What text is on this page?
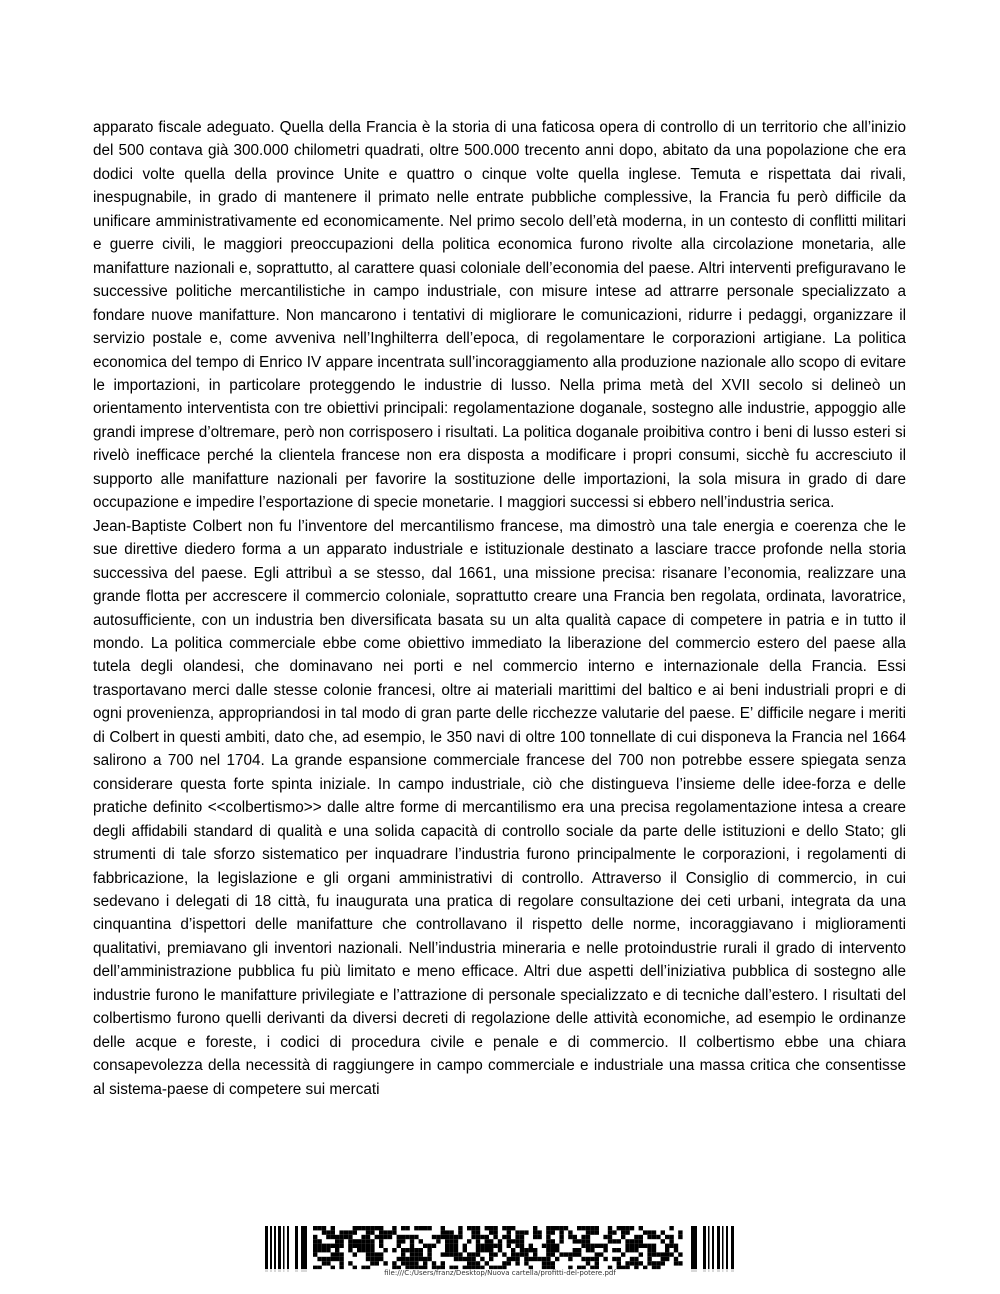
apparato fiscale adeguato. Quella della Francia è la storia di una faticosa opera di controllo di un territorio che all’inizio del 500 contava già 300.000 chilometri quadrati, oltre 500.000 trecento anni dopo, abitato da una popolazione che era dodici volte quella della province Unite e quattro o cinque volte quella inglese. Temuta e rispettata dai rivali, inespugnabile, in grado di mantenere il primato nelle entrate pubbliche complessive, la Francia fu però difficile da unificare amministrativamente ed economicamente. Nel primo secolo dell’età moderna, in un contesto di conflitti militari e guerre civili, le maggiori preoccupazioni della politica economica furono rivolte alla circolazione monetaria, alle manifatture nazionali e, soprattutto, al carattere quasi coloniale dell’economia del paese. Altri interventi prefiguravano le successive politiche mercantilistiche in campo industriale, con misure intese ad attrarre personale specializzato a fondare nuove manifatture. Non mancarono i tentativi di migliorare le comunicazioni, ridurre i pedaggi, organizzare il servizio postale e, come avveniva nell’Inghilterra dell’epoca, di regolamentare le corporazioni artigiane. La politica economica del tempo di Enrico IV appare incentrata sull’incoraggiamento alla produzione nazionale allo scopo di evitare le importazioni, in particolare proteggendo le industrie di lusso. Nella prima metà del XVII secolo si delineò un orientamento interventista con tre obiettivi principali: regolamentazione doganale, sostegno alle industrie, appoggio alle grandi imprese d’oltremare, però non corrisposero i risultati. La politica doganale proibitiva contro i beni di lusso esteri si rivelò inefficace perché la clientela francese non era disposta a modificare i propri consumi, sicchè fu accresciuto il supporto alle manifatture nazionali per favorire la sostituzione delle importazioni, la sola misura in grado di dare occupazione e impedire l’esportazione di specie monetarie. I maggiori successi si ebbero nell’industria serica.

Jean-Baptiste Colbert non fu l’inventore del mercantilismo francese, ma dimostrò una tale energia e coerenza che le sue direttive diedero forma a un apparato industriale e istituzionale destinato a lasciare tracce profonde nella storia successiva del paese. Egli attribuì a se stesso, dal 1661, una missione precisa: risanare l’economia, realizzare una grande flotta per accrescere il commercio coloniale, soprattutto creare una Francia ben regolata, ordinata, lavoratrice, autosufficiente, con un industria ben diversificata basata su un alta qualità capace di competere in patria e in tutto il mondo. La politica commerciale ebbe come obiettivo immediato la liberazione del commercio estero del paese alla tutela degli olandesi, che dominavano nei porti e nel commercio interno e internazionale della Francia. Essi trasportavano merci dalle stesse colonie francesi, oltre ai materiali marittimi del baltico e ai beni industriali propri e di ogni provenienza, appropriandosi in tal modo di gran parte delle ricchezze valutarie del paese. E’ difficile negare i meriti di Colbert in questi ambiti, dato che, ad esempio, le 350 navi di oltre 100 tonnellate di cui disponeva la Francia nel 1664 salirono a 700 nel 1704. La grande espansione commerciale francese del 700 non potrebbe essere spiegata senza considerare questa forte spinta iniziale. In campo industriale, ciò che distingueva l’insieme delle idee-forza e delle pratiche definito <<colbertismo>> dalle altre forme di mercantilismo era una precisa regolamentazione intesa a creare degli affidabili standard di qualità e una solida capacità di controllo sociale da parte delle istituzioni e dello Stato; gli strumenti di tale sforzo sistematico per inquadrare l’industria furono principalmente le corporazioni, i regolamenti di fabbricazione, la legislazione e gli organi amministrativi di controllo. Attraverso il Consiglio di commercio, in cui sedevano i delegati di 18 città, fu inaugurata una pratica di regolare consultazione dei ceti urbani, integrata da una cinquantina d’ispettori delle manifatture che controllavano il rispetto delle norme, incoraggiavano i miglioramenti qualitativi, premiavano gli inventori nazionali. Nell’industria mineraria e nelle protoindustrie rurali il grado di intervento dell’amministrazione pubblica fu più limitato e meno efficace. Altri due aspetti dell’iniziativa pubblica di sostegno alle industrie furono le manifatture privilegiate e l’attrazione di personale specializzato e di tecniche dall’estero. I risultati del colbertismo furono quelli derivanti da diversi decreti di regolazione delle attività economiche, ad esempio le ordinanze delle acque e foreste, i codici di procedura civile e penale e di commercio. Il colbertismo ebbe una chiara consapevolezza della necessità di raggiungere in campo commerciale e industriale una massa critica che consentisse al sistema-paese di competere sui mercati

file:///C:/Users/franz/Desktop/Nuova cartella/profitti-del-potere.pdf
